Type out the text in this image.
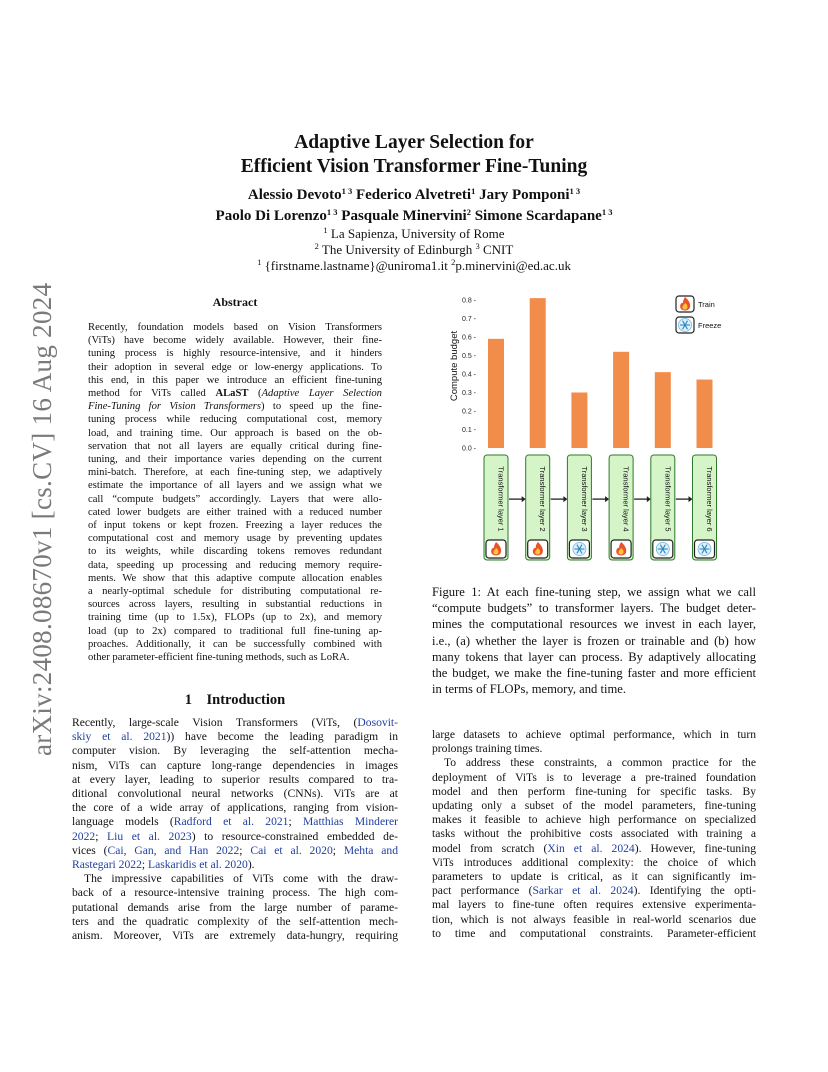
arXiv:2408.08670v1 [cs.CV] 16 Aug 2024
Adaptive Layer Selection for
Efficient Vision Transformer Fine-Tuning
Alessio Devoto$^{1 3}$ Federico Alvetreti$^1$ Jary Pomponi$^{1 3}$
Paolo Di Lorenzo$^{1 3}$ Pasquale Minervini$^2$ Simone Scardapane$^{1 3}$
$^1$ La Sapienza, University of Rome
$^2$ The University of Edinburgh $^3$ CNIT
$^1$ {firstname.lastname}@uniroma1.it $^2$p.minervini@ed.ac.uk
Abstract
Recently, foundation models based on Vision Transformers
(ViTs) have become widely available. However, their fine-
tuning process is highly resource-intensive, and it hinders
their adoption in several edge or low-energy applications. To
this end, in this paper we introduce an efficient fine-tuning
method for ViTs called ALaST (Adaptive Layer Selection
Fine-Tuning for Vision Transformers) to speed up the fine-
tuning process while reducing computational cost, memory
load, and training time. Our approach is based on the ob-
servation that not all layers are equally critical during fine-
tuning, and their importance varies depending on the current
mini-batch. Therefore, at each fine-tuning step, we adaptively
estimate the importance of all layers and we assign what we
call “compute budgets” accordingly. Layers that were allo-
cated lower budgets are either trained with a reduced number
of input tokens or kept frozen. Freezing a layer reduces the
computational cost and memory usage by preventing updates
to its weights, while discarding tokens removes redundant
data, speeding up processing and reducing memory require-
ments. We show that this adaptive compute allocation enables
a nearly-optimal schedule for distributing computational re-
sources across layers, resulting in substantial reductions in
training time (up to 1.5x), FLOPs (up to 2x), and memory
load (up to 2x) compared to traditional full fine-tuning ap-
proaches. Additionally, it can be successfully combined with
other parameter-efficient fine-tuning methods, such as LoRA.
0.0 -
0.1 -
0.2 -
0.3 -
0.4 -
0.5 -
0.6 -
0.7 -
0.8 -
Compute budget
Transformer layer 1	Transformer layer 2	Transformer layer 3	Transformer layer 4	Transformer layer 5	Transformer layer 6
Train
Freeze
Figure 1: At each fine-tuning step, we assign what we call
“compute budgets” to transformer layers. The budget deter-
mines the computational resources we invest in each layer,
i.e., (a) whether the layer is frozen or trainable and (b) how
many tokens that layer can process. By adaptively allocating
the budget, we make the fine-tuning faster and more efficient
in terms of FLOPs, memory, and time.
1 Introduction
Recently, large-scale Vision Transformers (ViTs, (Dosovit-
skiy et al. 2021)) have become the leading paradigm in
computer vision. By leveraging the self-attention mecha-
nism, ViTs can capture long-range dependencies in images
at every layer, leading to superior results compared to tra-
ditional convolutional neural networks (CNNs). ViTs are at
the core of a wide array of applications, ranging from vision-
language models (Radford et al. 2021; Matthias Minderer
2022; Liu et al. 2023) to resource-constrained embedded de-
vices (Cai, Gan, and Han 2022; Cai et al. 2020; Mehta and
Rastegari 2022; Laskaridis et al. 2020).
The impressive capabilities of ViTs come with the draw-
back of a resource-intensive training process. The high com-
putational demands arise from the large number of parame-
ters and the quadratic complexity of the self-attention mech-
anism. Moreover, ViTs are extremely data-hungry, requiring
large datasets to achieve optimal performance, which in turn
prolongs training times.
To address these constraints, a common practice for the
deployment of ViTs is to leverage a pre-trained foundation
model and then perform fine-tuning for specific tasks. By
updating only a subset of the model parameters, fine-tuning
makes it feasible to achieve high performance on specialized
tasks without the prohibitive costs associated with training a
model from scratch (Xin et al. 2024). However, fine-tuning
ViTs introduces additional complexity: the choice of which
parameters to update is critical, as it can significantly im-
pact performance (Sarkar et al. 2024). Identifying the opti-
mal layers to fine-tune often requires extensive experimenta-
tion, which is not always feasible in real-world scenarios due
to time and computational constraints. Parameter-efficient
